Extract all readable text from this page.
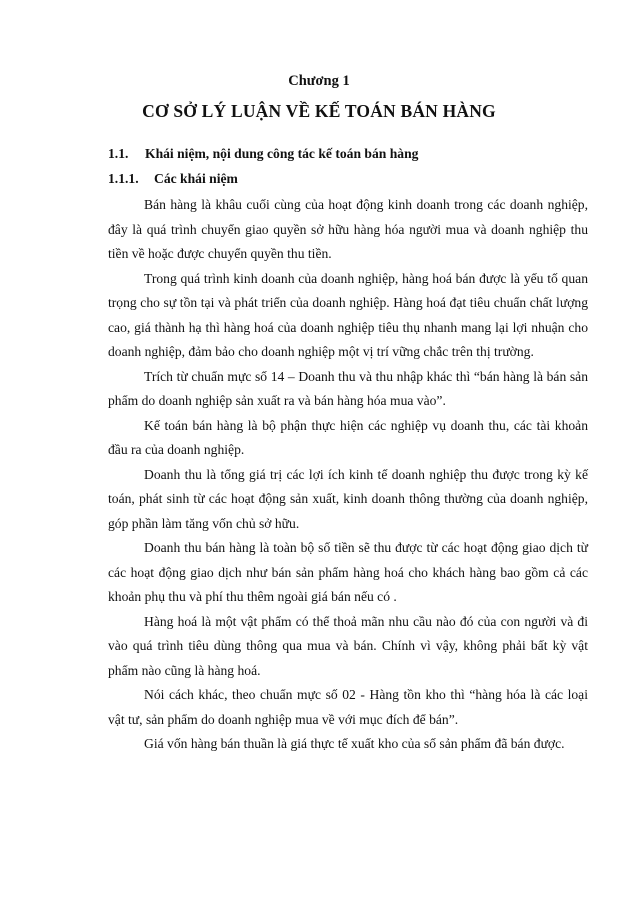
Chương 1
CƠ SỞ LÝ LUẬN VỀ KẾ TOÁN BÁN HÀNG
1.1. Khái niệm, nội dung công tác kế toán bán hàng
1.1.1. Các khái niệm

Bán hàng là khâu cuối cùng của hoạt động kinh doanh trong các doanh nghiệp, đây là quá trình chuyển giao quyền sở hữu hàng hóa người mua và doanh nghiệp thu tiền về hoặc được chuyển quyền thu tiền.

Trong quá trình kinh doanh của doanh nghiệp, hàng hoá bán được là yếu tố quan trọng cho sự tồn tại và phát triển của doanh nghiệp. Hàng hoá đạt tiêu chuẩn chất lượng cao, giá thành hạ thì hàng hoá của doanh nghiệp tiêu thụ nhanh mang lại lợi nhuận cho doanh nghiệp, đảm bảo cho doanh nghiệp một vị trí vững chắc trên thị trường.

Trích từ chuẩn mực số 14 – Doanh thu và thu nhập khác thì “bán hàng là bán sản phẩm do doanh nghiệp sản xuất ra và bán hàng hóa mua vào”.

Kế toán bán hàng là bộ phận thực hiện các nghiệp vụ doanh thu, các tài khoản đầu ra của doanh nghiệp.

Doanh thu là tổng giá trị các lợi ích kinh tế doanh nghiệp thu được trong kỳ kế toán, phát sinh từ các hoạt động sản xuất, kinh doanh thông thường của doanh nghiệp, góp phần làm tăng vốn chủ sở hữu.

Doanh thu bán hàng là toàn bộ số tiền sẽ thu được từ các hoạt động giao dịch từ các hoạt động giao dịch như bán sản phẩm hàng hoá cho khách hàng bao gồm cả các khoản phụ thu và phí thu thêm ngoài giá bán nếu có .

Hàng hoá là một vật phẩm có thể thoả mãn nhu cầu nào đó của con người và đi vào quá trình tiêu dùng thông qua mua và bán. Chính vì vậy, không phải bất kỳ vật phẩm nào cũng là hàng hoá.

Nói cách khác, theo chuẩn mực số 02 - Hàng tồn kho thì “hàng hóa là các loại vật tư, sản phẩm do doanh nghiệp mua về với mục đích để bán”.

Giá vốn hàng bán thuần là giá thực tế xuất kho của số sản phẩm đã bán được.
